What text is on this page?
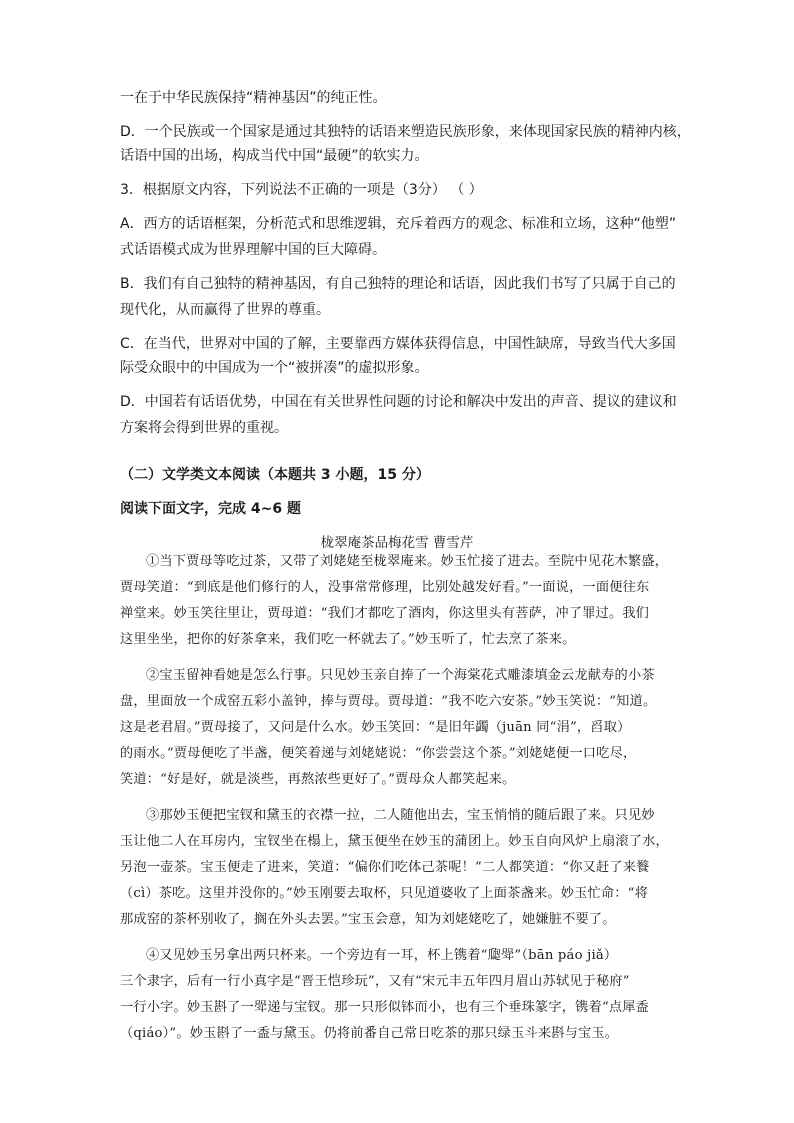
一在于中华民族保持“精神基因”的纯正性。
D．一个民族或一个国家是通过其独特的话语来塑造民族形象，来体现国家民族的精神内核，
话语中国的出场，构成当代中国“最硬”的软实力。
3．根据原文内容，下列说法不正确的一项是（3分） （ ）
A．西方的话语框架，分析范式和思维逻辑，充斥着西方的观念、标准和立场，这种“他塑”
式话语模式成为世界理解中国的巨大障碍。
B．我们有自己独特的精神基因，有自己独特的理论和话语，因此我们书写了只属于自己的
现代化，从而赢得了世界的尊重。
C．在当代，世界对中国的了解，主要靠西方媒体获得信息，中国性缺席，导致当代大多国
际受众眼中的中国成为一个“被拼凑”的虚拟形象。
D．中国若有话语优势，中国在有关世界性问题的讨论和解决中发出的声音、提议的建议和
方案将会得到世界的重视。
（二）文学类文本阅读（本题共 3 小题，15 分）
阅读下面文字，完成 4~6 题
栊翠庵茶品梅花雪 曹雪芹
①当下贾母等吃过茶，又带了刘姥姥至栊翠庵来。妙玉忙接了进去。至院中见花木繁盛，
贾母笑道：“到底是他们修行的人，没事常常修理，比别处越发好看。”一面说，一面便往东
禅堂来。妙玉笑往里让，贾母道：“我们才都吃了酒肉，你这里头有菩萨，冲了罪过。我们
这里坐坐，把你的好茶拿来，我们吃一杯就去了。”妙玉听了，忙去烹了茶来。
②宝玉留神看她是怎么行事。只见妙玉亲自捧了一个海棠花式雕漆填金云龙献寿的小茶
盘，里面放一个成窑五彩小盖钟，捧与贾母。贾母道：“我不吃六安茶。”妙玉笑说：“知道。
这是老君眉。”贾母接了，又问是什么水。妙玉笑回：“是旧年蠲（juān 同“涓”，舀取）
的雨水。”贾母便吃了半盏，便笑着递与刘姥姥说：“你尝尝这个茶。”刘姥姥便一口吃尽，
笑道：“好是好，就是淡些，再熬浓些更好了。”贾母众人都笑起来。
③那妙玉便把宝钗和黛玉的衣襟一拉，二人随他出去，宝玉悄悄的随后跟了来。只见妙
玉让他二人在耳房内，宝钗坐在榻上，黛玉便坐在妙玉的蒲团上。妙玉自向风炉上扇滚了水，
另泡一壶茶。宝玉便走了进来，笑道：“偏你们吃体己茶呢！”二人都笑道：“你又赶了来餮
（cì）茶吃。这里并没你的。”妙玉刚要去取杯，只见道婆收了上面茶盏来。妙玉忙命：“将
那成窑的茶杯别收了，搁在外头去罢。”宝玉会意，知为刘姥姥吃了，她嫌脏不要了。
④又见妙玉另拿出两只杯来。一个旁边有一耳，杯上镌着“瓟斝”（bān páo jiǎ）
三个隶字，后有一行小真字是“晋王恺珍玩”，又有“宋元丰五年四月眉山苏轼见于秘府”
一行小字。妙玉斟了一斝递与宝钗。那一只形似钵而小，也有三个垂珠篆字，镌着“点犀盉
（qiáo）”。妙玉斟了一盉与黛玉。仍将前番自己常日吃茶的那只绿玉斗来斟与宝玉。
